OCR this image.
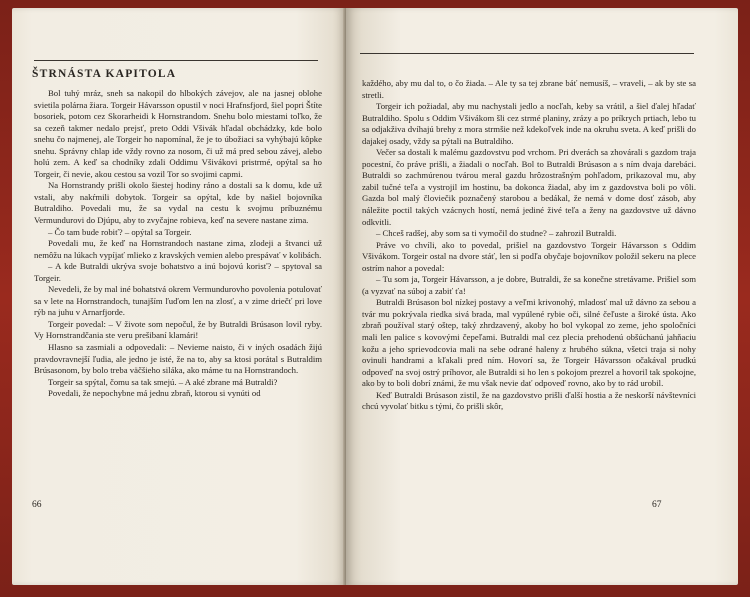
ŠTRNÁSTA KAPITOLA

Bol tuhý mráz, sneh sa nakopil do hlbokých závejov, ale na jasnej oblohe svietila polárna žiara. Torgeir Hávarsson opustil v noci Hrafnsfjord, šiel popri Štíte bosoriek, potom cez Skorarheidi k Hornstrandom. Snehu bolo miestami toľko, že sa cezeň takmer nedalo prejsť, preto Oddi Všivák hľadal obchádzky, kde bolo snehu čo najmenej, ale Torgeir ho napomínal, že je to úbožiaci sa vyhýbajú kôpke snehu. Správny chlap ide vždy rovno za nosom, či už má pred sebou závej, alebo holú zem. A keď sa chodníky zdali Oddimu Všivákovi pristrmé, opýtal sa ho Torgeir, či nevie, akou cestou sa vozil Tor so svojimi capmi.

Na Hornstrandy prišli okolo šiestej hodiny ráno a dostali sa k domu, kde už vstali, aby nakŕmili dobytok. Torgeir sa opýtal, kde by našiel bojovníka Butraldiho. Povedali mu, že sa vydal na cestu k svojmu príbuznému Vermundurovi do Djúpu, aby to zvyčajne robieva, keď na severe nastane zima.

– Čo tam bude robiť? – opýtal sa Torgeir.

Povedali mu, že keď na Hornstrandoch nastane zima, zlodeji a štvanci už nemôžu na lúkach vypíjať mlieko z kravských vemien alebo prespávať v kolibách.

– A kde Butraldi ukrýva svoje bohatstvo a inú bojovú korisť? – spytoval sa Torgeir.

Nevedeli, že by mal iné bohatstvá okrem Vermundurovho povolenia potulovať sa v lete na Hornstrandoch, tunajším ľuďom len na zlosť, a v zime driečť pri love rýb na juhu v Arnarfjorde.

Torgeir povedal: – V živote som nepočul, že by Butraldi Brúsason lovil ryby. Vy Hornstrandčania ste veru prešibaní klamári!

Hlasno sa zasmiali a odpovedali: – Nevieme naisto, či v iných osadách žijú pravdovravnejší ľudia, ale jedno je isté, že na to, aby sa ktosi porátal s Butraldim Brúsasonom, by bolo treba väčšieho siláka, ako máme tu na Hornstrandoch.

Torgeir sa spýtal, čomu sa tak smejú. – A aké zbrane má Butraldi?

Povedali, že nepochybne má jednu zbraň, ktorou si vynúti od

66

každého, aby mu dal to, o čo žiada. – Ale ty sa tej zbrane báť nemusíš, – vraveli, – ak by ste sa stretli.

Torgeir ich požiadal, aby mu nachystali jedlo a nocľah, keby sa vrátil, a šiel ďalej hľadať Butraldiho. Spolu s Oddim Všivákom šli cez strmé planiny, zrázy a po príkrych prtiach, lebo tu sa odjakživa dvíhajú brehy z mora strmšie než kdekoľvek inde na okruhu sveta. A keď prišli do dajakej osady, vždy sa pýtali na Butraldiho.

Večer sa dostali k malému gazdovstvu pod vrchom. Pri dverách sa zhovárali s gazdom traja pocestní, čo práve prišli, a žiadali o nocľah. Bol to Butraldi Brúsason a s ním dvaja darebáci. Butraldi so zachmúrenou tvárou meral gazdu hrôzostrašným pohľadom, prikazoval mu, aby zabil tučné teľa a vystrojil im hostinu, ba dokonca žiadal, aby im z gazdovstva boli po vôli. Gazda bol malý človiečik poznačený starobou a bedákal, že nemá v dome dosť zásob, aby náležite poctil takých vzácnych hostí, nemá jediné živé teľa a ženy na gazdovstve už dávno odkvitli.

– Chceš radšej, aby som sa ti vymočil do studne? – zahrozil Butraldi.

Práve vo chvíli, ako to povedal, prišiel na gazdovstvo Torgeir Hávarsson s Oddim Všivákom. Torgeir ostal na dvore stáť, len si podľa obyčaje bojovníkov položil sekeru na plece ostrím nahor a povedal:

– Tu som ja, Torgeir Hávarsson, a je dobre, Butraldi, že sa konečne stretávame. Prišiel som (a vyzvať na súboj a zabiť ťa!

Butraldi Brúsason bol nízkej postavy a veľmi krivonohý, mladosť mal už dávno za sebou a tvár mu pokrývala riedka sivá brada, mal vypúlené rybie oči, silné čeľuste a široké ústa. Ako zbraň používal starý oštep, taký zhrdzavený, akoby ho bol vykopal zo zeme, jeho spoločníci mali len palice s kovovými čepeľami. Butraldi mal cez plecia prehodenú obšúchanú jahňaciu kožu a jeho sprievodcovia mali na sebe odrané haleny z hrubého súkna, všetci traja si nohy ovinuli handrami a kľakali pred ním. Hovorí sa, že Torgeir Hávarsson očakával prudkú odpoveď na svoj ostrý príhovor, ale Butraldi si ho len s pokojom prezrel a hovoril tak spokojne, ako by to boli dobrí známi, že mu však nevie dať odpoveď rovno, ako by to rád urobil.

Keď Butraldi Brúsason zistil, že na gazdovstvo prišli ďalší hostia a že neskorší návštevníci chcú vyvolať bitku s tými, čo prišli skôr,

67
